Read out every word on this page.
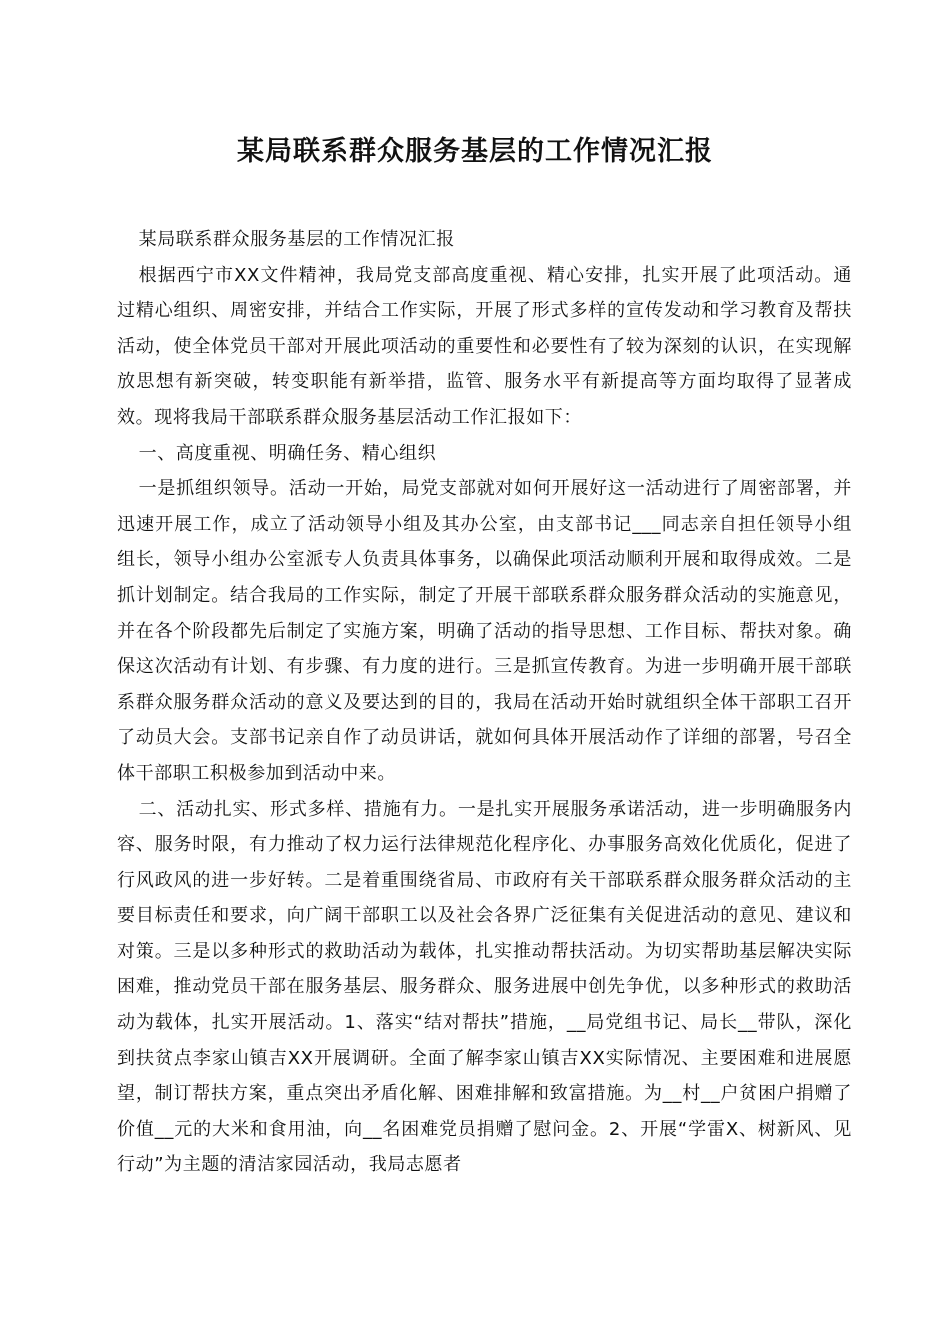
某局联系群众服务基层的工作情况汇报

某局联系群众服务基层的工作情况汇报

根据西宁市XX文件精神，我局党支部高度重视、精心安排，扎实开展了此项活动。通过精心组织、周密安排，并结合工作实际，开展了形式多样的宣传发动和学习教育及帮扶活动，使全体党员干部对开展此项活动的重要性和必要性有了较为深刻的认识，在实现解放思想有新突破，转变职能有新举措，监管、服务水平有新提高等方面均取得了显著成效。现将我局干部联系群众服务基层活动工作汇报如下：

一、高度重视、明确任务、精心组织

一是抓组织领导。活动一开始，局党支部就对如何开展好这一活动进行了周密部署，并迅速开展工作，成立了活动领导小组及其办公室，由支部书记___同志亲自担任领导小组组长，领导小组办公室派专人负责具体事务，以确保此项活动顺利开展和取得成效。二是抓计划制定。结合我局的工作实际，制定了开展干部联系群众服务群众活动的实施意见，并在各个阶段都先后制定了实施方案，明确了活动的指导思想、工作目标、帮扶对象。确保这次活动有计划、有步骤、有力度的进行。三是抓宣传教育。为进一步明确开展干部联系群众服务群众活动的意义及要达到的目的，我局在活动开始时就组织全体干部职工召开了动员大会。支部书记亲自作了动员讲话，就如何具体开展活动作了详细的部署，号召全体干部职工积极参加到活动中来。

二、活动扎实、形式多样、措施有力。一是扎实开展服务承诺活动，进一步明确服务内容、服务时限，有力推动了权力运行法律规范化程序化、办事服务高效化优质化，促进了行风政风的进一步好转。二是着重围绕省局、市政府有关干部联系群众服务群众活动的主要目标责任和要求，向广阔干部职工以及社会各界广泛征集有关促进活动的意见、建议和对策。三是以多种形式的救助活动为载体，扎实推动帮扶活动。为切实帮助基层解决实际困难，推动党员干部在服务基层、服务群众、服务进展中创先争优，以多种形式的救助活动为载体，扎实开展活动。1、落实“结对帮扶”措施，__局党组书记、局长__带队，深化到扶贫点李家山镇吉XX开展调研。全面了解李家山镇吉XX实际情况、主要困难和进展愿望，制订帮扶方案，重点突出矛盾化解、困难排解和致富措施。为__村__户贫困户捐赠了价值__元的大米和食用油，向__名困难党员捐赠了慰问金。2、开展“学雷X、树新风、见行动”为主题的清洁家园活动，我局志愿者
